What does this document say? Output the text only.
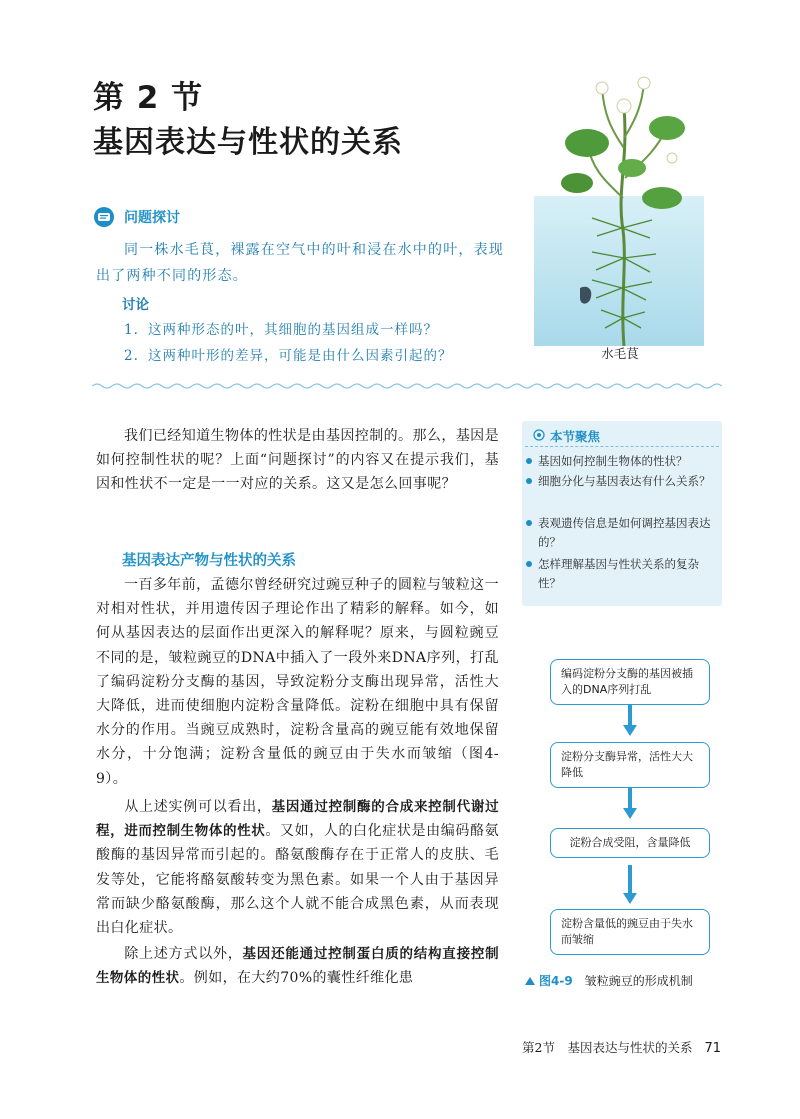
第 2 节
基因表达与性状的关系
水毛茛
问题探讨
同一株水毛茛，裸露在空气中的叶和浸在水中的叶，表现出了两种不同的形态。
讨论
1. 这两种形态的叶，其细胞的基因组成一样吗？
2. 这两种叶形的差异，可能是由什么因素引起的？
我们已经知道生物体的性状是由基因控制的。那么，基因是如何控制性状的呢？上面“问题探讨”的内容又在提示我们，基因和性状不一定是一一对应的关系。这又是怎么回事呢？
基因表达产物与性状的关系
一百多年前，孟德尔曾经研究过豌豆种子的圆粒与皱粒这一对相对性状，并用遗传因子理论作出了精彩的解释。如今，如何从基因表达的层面作出更深入的解释呢？原来，与圆粒豌豆不同的是，皱粒豌豆的DNA中插入了一段外来DNA序列，打乱了编码淀粉分支酶的基因，导致淀粉分支酶出现异常，活性大大降低，进而使细胞内淀粉含量降低。淀粉在细胞中具有保留水分的作用。当豌豆成熟时，淀粉含量高的豌豆能有效地保留水分，十分饱满；淀粉含量低的豌豆由于失水而皱缩（图4-9）。
从上述实例可以看出，基因通过控制酶的合成来控制代谢过程，进而控制生物体的性状。又如，人的白化症状是由编码酪氨酸酶的基因异常而引起的。酪氨酸酶存在于正常人的皮肤、毛发等处，它能将酪氨酸转变为黑色素。如果一个人由于基因异常而缺少酪氨酸酶，那么这个人就不能合成黑色素，从而表现出白化症状。
除上述方式以外，基因还能通过控制蛋白质的结构直接控制生物体的性状。例如，在大约70%的囊性纤维化患
本节聚焦
基因如何控制生物体的性状？
细胞分化与基因表达有什么关系？
表观遗传信息是如何调控基因表达的？
怎样理解基因与性状关系的复杂性？
编码淀粉分支酶的基因被插入的DNA序列打乱
淀粉分支酶异常，活性大大降低
淀粉合成受阻，含量降低
淀粉含量低的豌豆由于失水而皱缩
图4-9 皱粒豌豆的形成机制
第2节　基因表达与性状的关系 71
